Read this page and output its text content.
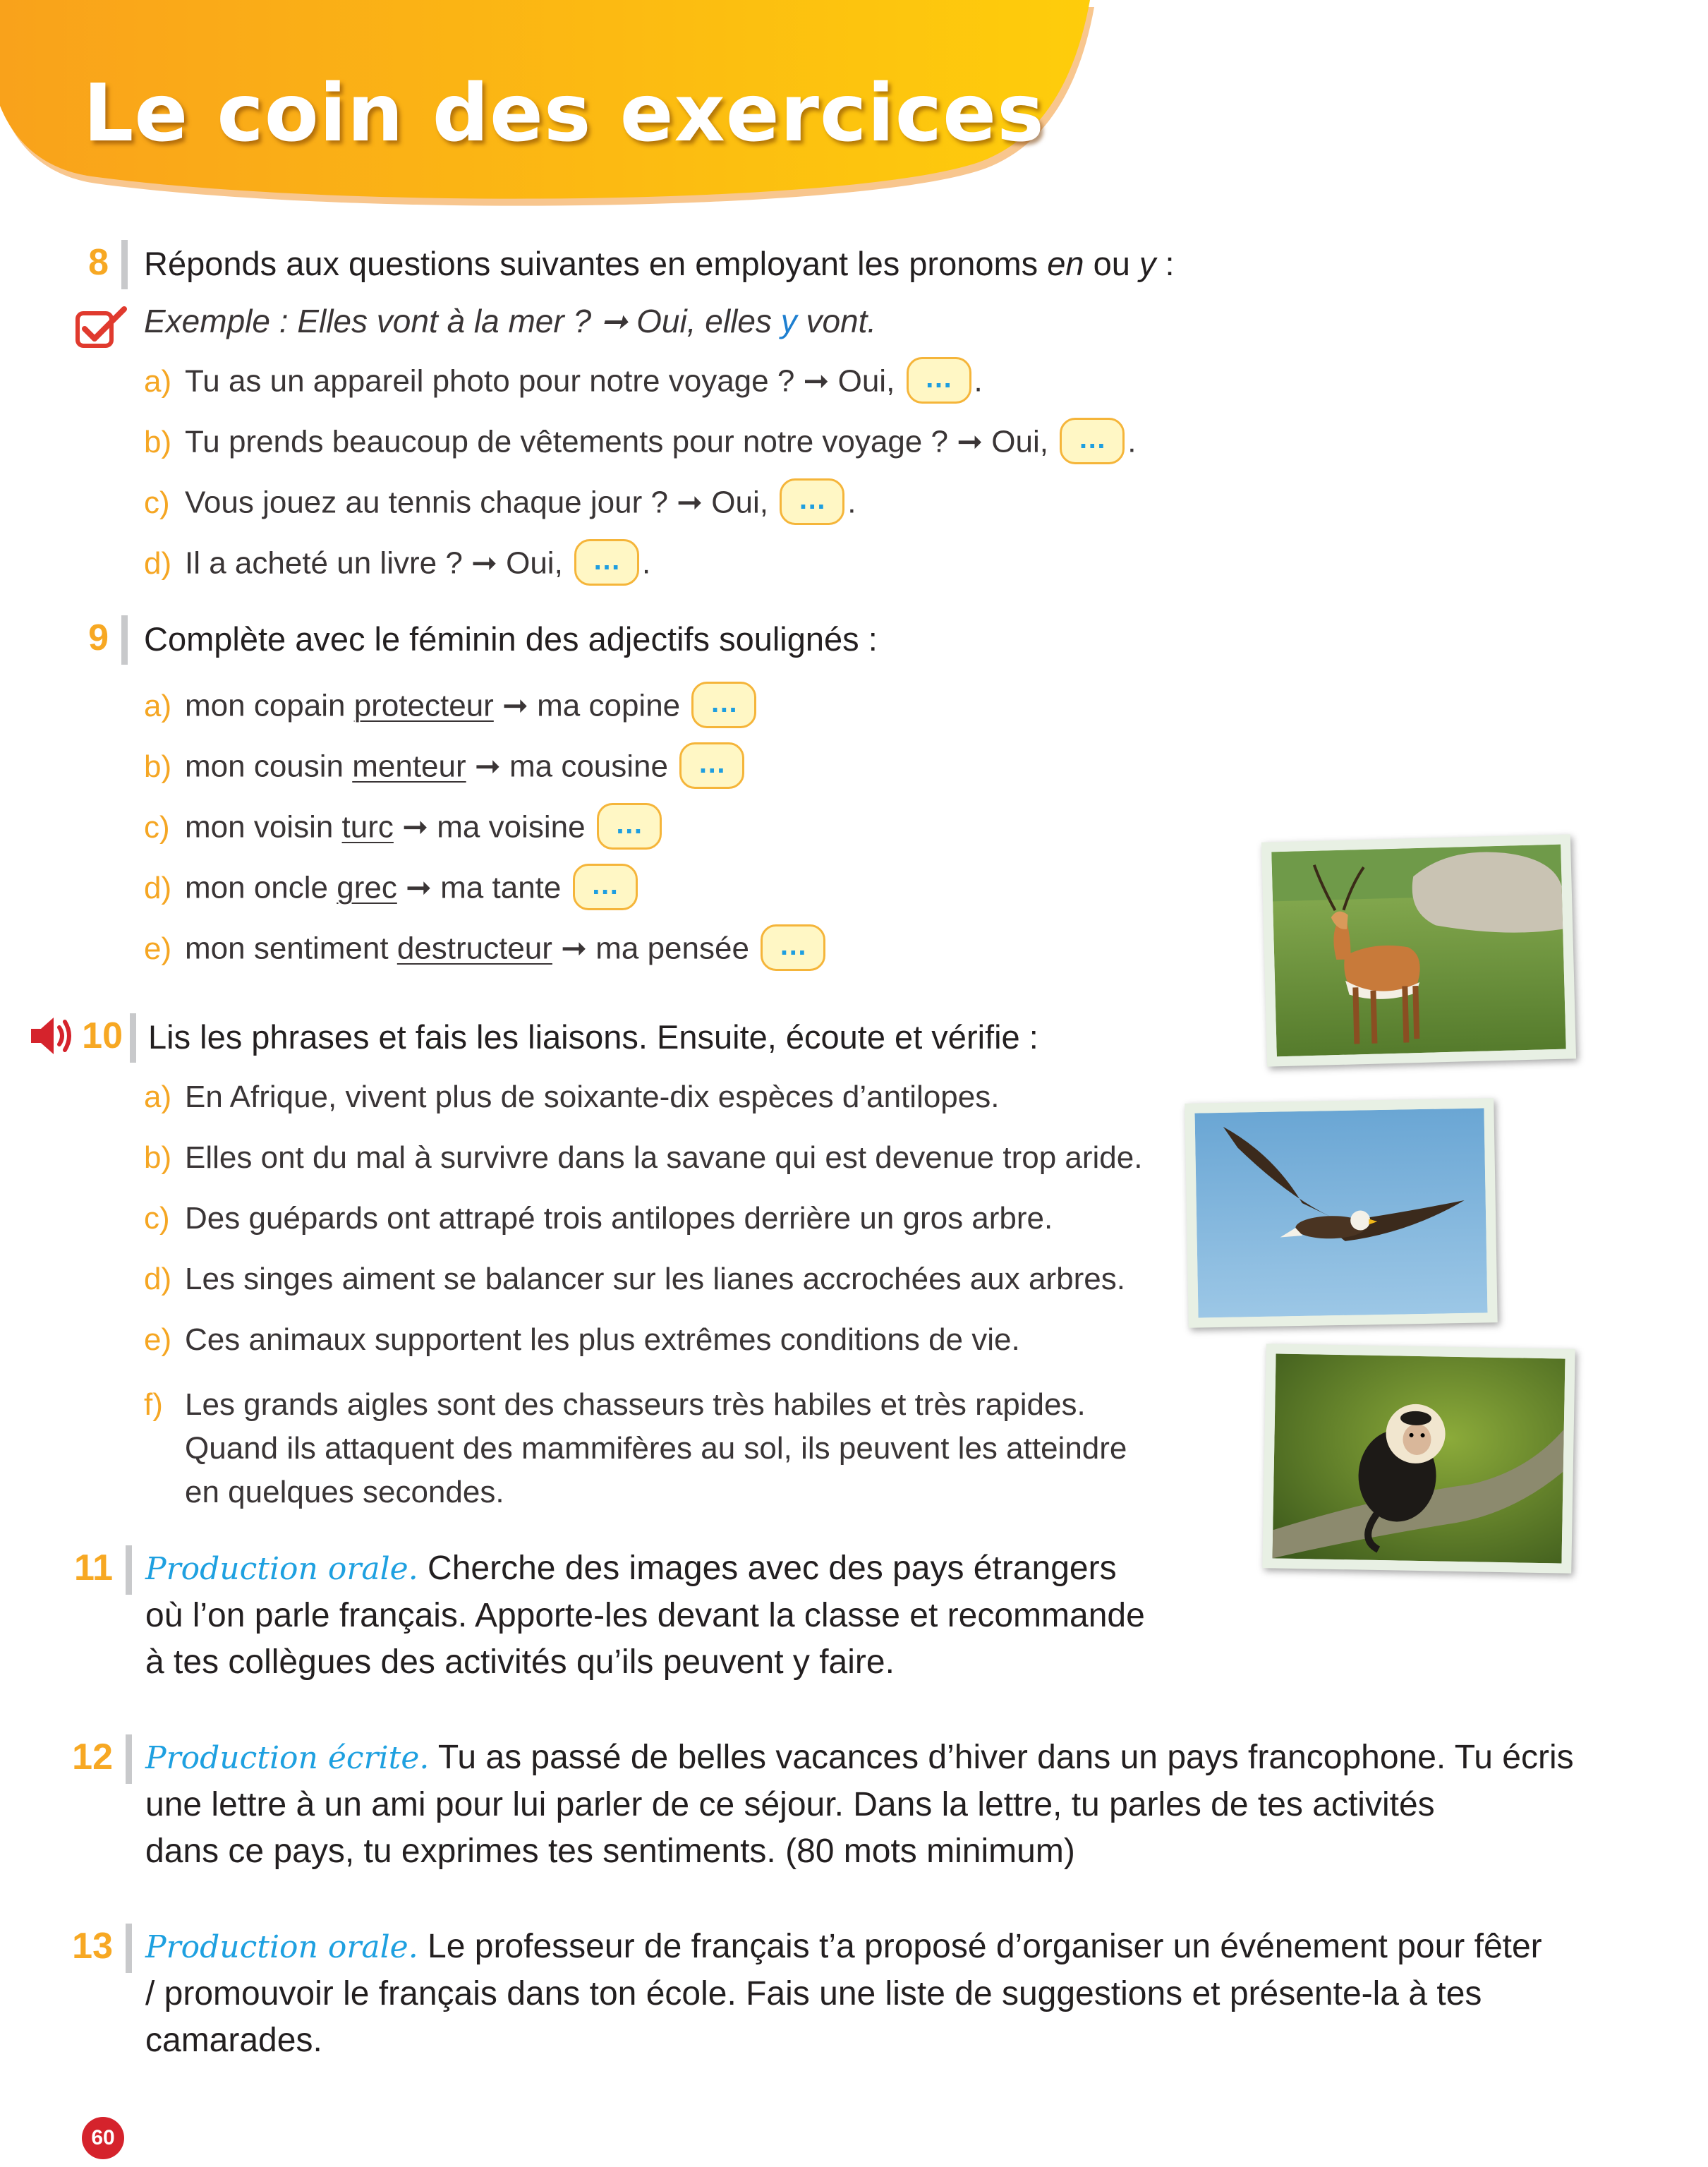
Le coin des exercices
8 Réponds aux questions suivantes en employant les pronoms en ou y :
Exemple : Elles vont à la mer ? ➞ Oui, elles y vont.
a) Tu as un appareil photo pour notre voyage ? ➞ Oui, … .
b) Tu prends beaucoup de vêtements pour notre voyage ? ➞ Oui, … .
c) Vous jouez au tennis chaque jour ? ➞ Oui, … .
d) Il a acheté un livre ? ➞ Oui, … .
9 Complète avec le féminin des adjectifs soulignés :
a) mon copain protecteur ➞ ma copine …
b) mon cousin menteur ➞ ma cousine …
c) mon voisin turc ➞ ma voisine …
d) mon oncle grec ➞ ma tante …
e) mon sentiment destructeur ➞ ma pensée …
10 Lis les phrases et fais les liaisons. Ensuite, écoute et vérifie :
a) En Afrique, vivent plus de soixante-dix espèces d’antilopes.
b) Elles ont du mal à survivre dans la savane qui est devenue trop aride.
c) Des guépards ont attrapé trois antilopes derrière un gros arbre.
d) Les singes aiment se balancer sur les lianes accrochées aux arbres.
e) Ces animaux supportent les plus extrêmes conditions de vie.
f) Les grands aigles sont des chasseurs très habiles et très rapides.
Quand ils attaquent des mammifères au sol, ils peuvent les atteindre
en quelques secondes.
11 Production orale. Cherche des images avec des pays étrangers
où l’on parle français. Apporte-les devant la classe et recommande
à tes collègues des activités qu’ils peuvent y faire.
12 Production écrite. Tu as passé de belles vacances d’hiver dans un pays francophone. Tu écris
une lettre à un ami pour lui parler de ce séjour. Dans la lettre, tu parles de tes activités
dans ce pays, tu exprimes tes sentiments. (80 mots minimum)
13 Production orale. Le professeur de français t’a proposé d’organiser un événement pour fêter
/ promouvoir le français dans ton école. Fais une liste de suggestions et présente-la à tes
camarades.
60
